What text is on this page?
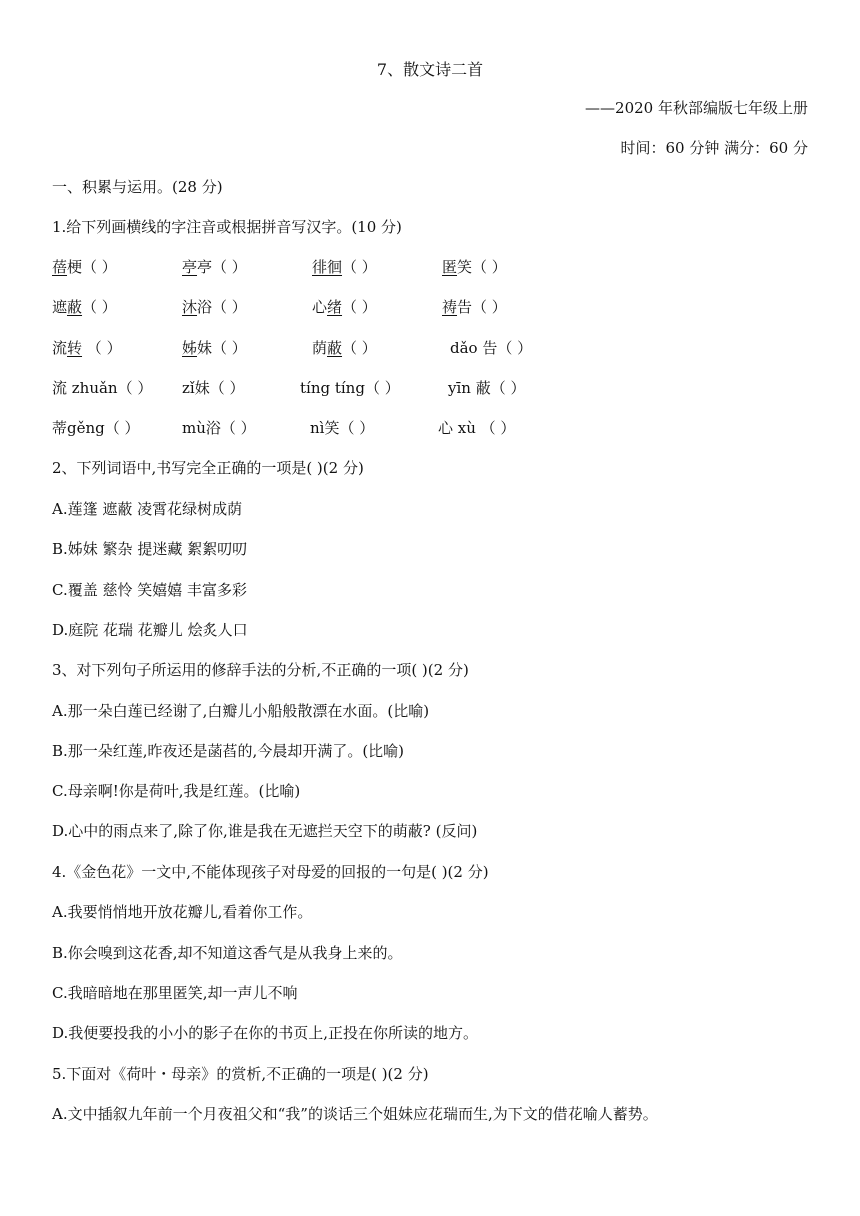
7、散文诗二首
——2020 年秋部编版七年级上册
时间：60 分钟 满分：60 分
一、积累与运用。(28 分)
1.给下列画横线的字注音或根据拼音写汉字。(10 分)
蓓梗（ ）	亭亭（ ）	徘徊（ ）	匿笑（ ）
遮蔽（ ）	沐浴（ ）	心绪（ ）	祷告（ ）
流转 （ ）	姊妹（ ）	荫蔽（ ）	dǎo 告（ ）
流 zhuǎn（ ） zǐ妹（ ）	tíng tíng（ ）	yīn 蔽（ ）
蒂gěng（ ）	mù浴（ ）	nì笑（ ）	心 xù （ ）
2、下列词语中,书写完全正确的一项是( )(2 分)
A.莲篷 遮蔽 凌霄花绿树成荫
B.姊妹 繁杂 提迷藏 絮絮叨叨
C.覆盖 慈怜 笑嬉嬉 丰富多彩
D.庭院 花瑞 花瓣儿 烩炙人口
3、对下列句子所运用的修辞手法的分析,不正确的一项( )(2 分)
A.那一朵白莲已经谢了,白瓣儿小船般散漂在水面。(比喻)
B.那一朵红莲,昨夜还是菡萏的,今晨却开满了。(比喻)
C.母亲啊!你是荷叶,我是红莲。(比喻)
D.心中的雨点来了,除了你,谁是我在无遮拦天空下的萌蔽? (反问)
4.《金色花》一文中,不能体现孩子对母爱的回报的一句是( )(2 分)
A.我要悄悄地开放花瓣儿,看着你工作。
B.你会嗅到这花香,却不知道这香气是从我身上来的。
C.我暗暗地在那里匿笑,却一声儿不响
D.我便要投我的小小的影子在你的书页上,正投在你所读的地方。
5.下面对《荷叶・母亲》的赏析,不正确的一项是( )(2 分)
A.文中插叙九年前一个月夜祖父和“我”的谈话三个姐妹应花瑞而生,为下文的借花喻人蓄势。
